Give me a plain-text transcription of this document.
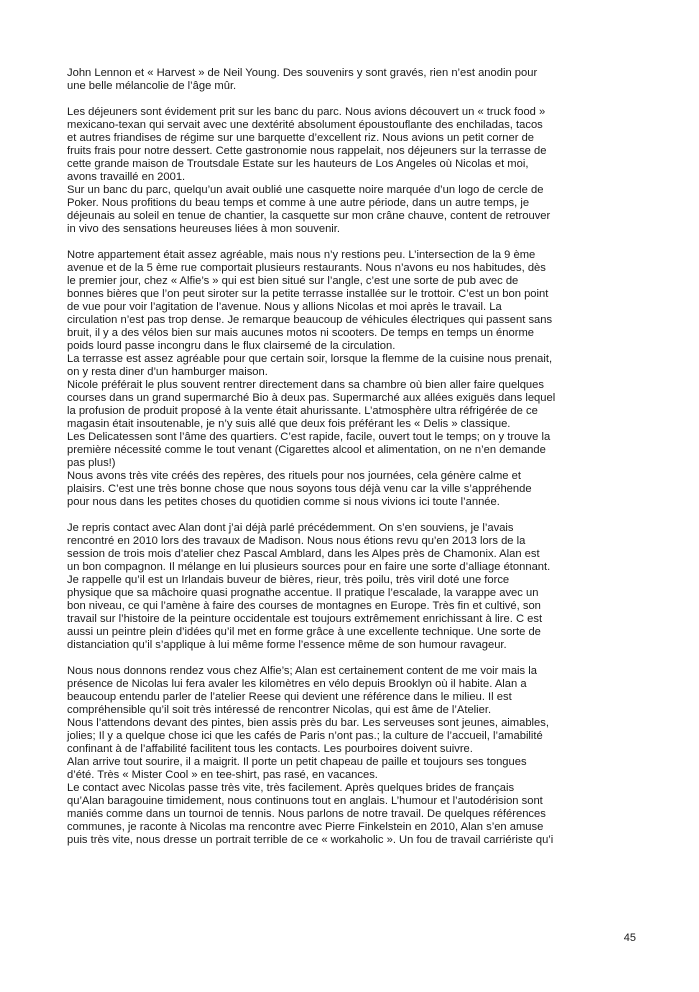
John Lennon et « Harvest » de Neil Young. Des souvenirs y sont gravés, rien n’est anodin pour
une belle mélancolie de l’âge mûr.
Les déjeuners sont évidement prit sur les banc du parc. Nous avions découvert un « truck food »
mexicano-texan qui servait avec une dextérité absolument époustouflante des enchiladas, tacos
et autres friandises de régime sur une barquette d’excellent riz. Nous avions un petit corner de
fruits frais pour notre dessert. Cette gastronomie nous rappelait, nos déjeuners sur la terrasse de
cette grande maison de Troutsdale Estate sur les hauteurs de Los Angeles où Nicolas et moi,
avons travaillé en 2001.
Sur un banc du parc, quelqu’un avait oublié une casquette noire marquée d’un logo de cercle de
Poker. Nous profitions du beau temps et comme à une autre période, dans un autre temps, je
déjeunais au soleil en tenue de chantier, la casquette sur mon crâne chauve, content de retrouver
in vivo des sensations heureuses liées à mon souvenir.
Notre appartement était assez agréable, mais nous n’y restions peu. L’intersection de la 9 ème
avenue et de la 5 ème rue comportait plusieurs restaurants. Nous n’avons eu nos habitudes, dès
le premier jour, chez « Alfie’s » qui est bien situé sur l’angle, c’est une sorte de pub avec de
bonnes bières que l’on peut siroter sur la petite terrasse installée sur le trottoir. C’est un bon point
de vue pour voir l’agitation de l’avenue. Nous y allions Nicolas et moi après le travail. La
circulation n’est pas trop dense. Je remarque beaucoup de véhicules électriques qui passent sans
bruit, il y a des vélos bien sur mais aucunes motos ni scooters. De temps en temps un énorme
poids lourd passe incongru dans le flux clairsemé de la circulation.
La terrasse est assez agréable pour que certain soir, lorsque la flemme de la cuisine nous prenait,
on y resta diner d’un hamburger maison.
Nicole préférait le plus souvent rentrer directement dans sa chambre où bien aller faire quelques
courses dans un grand supermarché Bio à deux pas. Supermarché aux allées exiguës dans lequel
la profusion de produit proposé à la vente était ahurissante. L’atmosphère ultra réfrigérée de ce
magasin était insoutenable, je n’y suis allé que deux fois préférant les « Delis » classique.
Les Delicatessen sont l’âme des quartiers. C’est rapide, facile, ouvert tout le temps; on y trouve la
première nécessité comme le tout venant (Cigarettes alcool et alimentation, on ne n’en demande
pas plus!)
Nous avons très vite créés des repères, des rituels pour nos journées, cela génère calme et
plaisirs. C’est une très bonne chose que nous soyons tous déjà venu car la ville s’appréhende
pour nous dans les petites choses du quotidien comme si nous vivions ici toute l’année.
Je repris contact avec Alan dont j’ai déjà parlé précédemment. On s’en souviens, je l’avais
rencontré en 2010 lors des travaux de Madison. Nous nous étions revu qu’en 2013 lors de la
session de trois mois d’atelier chez Pascal Amblard, dans les Alpes près de Chamonix. Alan est
un bon compagnon. Il mélange en lui plusieurs sources pour en faire une sorte d’alliage étonnant.
Je rappelle qu’il est un Irlandais buveur de bières, rieur, très poilu, très viril doté une force
physique que sa mâchoire quasi prognathe accentue. Il pratique l’escalade, la varappe avec un
bon niveau, ce qui l’amène à faire des courses de montagnes en Europe. Très fin et cultivé, son
travail sur l’histoire de la peinture occidentale est toujours extrêmement enrichissant à lire. C est
aussi un peintre plein d’idées qu’il met en forme grâce à une excellente technique. Une sorte de
distanciation qu’il s’applique à lui même forme l’essence même de son humour ravageur.
Nous nous donnons rendez vous chez Alfie’s; Alan est certainement content de me voir mais la
présence de Nicolas lui fera avaler les kilomètres en vélo depuis Brooklyn où il habite. Alan a
beaucoup entendu parler de l’atelier Reese qui devient une référence dans le milieu. Il est
compréhensible qu’il soit très intéressé de rencontrer Nicolas, qui est âme de l’Atelier.
Nous l’attendons devant des pintes, bien assis près du bar. Les serveuses sont jeunes, aimables,
jolies; Il y a quelque chose ici que les cafés de Paris n’ont pas.; la culture de l’accueil, l’amabilité
confinant à de l’affabilité facilitent tous les contacts. Les pourboires doivent suivre.
Alan arrive tout sourire, il a maigrit. Il porte un petit chapeau de paille et toujours ses tongues
d’été. Très « Mister Cool » en tee-shirt, pas rasé, en vacances.
Le contact avec Nicolas passe très vite, très facilement. Après quelques brides de français
qu’Alan baragouine timidement, nous continuons tout en anglais. L’humour et l’autodérision sont
maniés comme dans un tournoi de tennis. Nous parlons de notre travail. De quelques références
communes, je raconte à Nicolas ma rencontre avec Pierre Finkelstein en 2010, Alan s’en amuse
puis très vite, nous dresse un portrait terrible de ce « workaholic ». Un fou de travail carriériste qu’i
45
